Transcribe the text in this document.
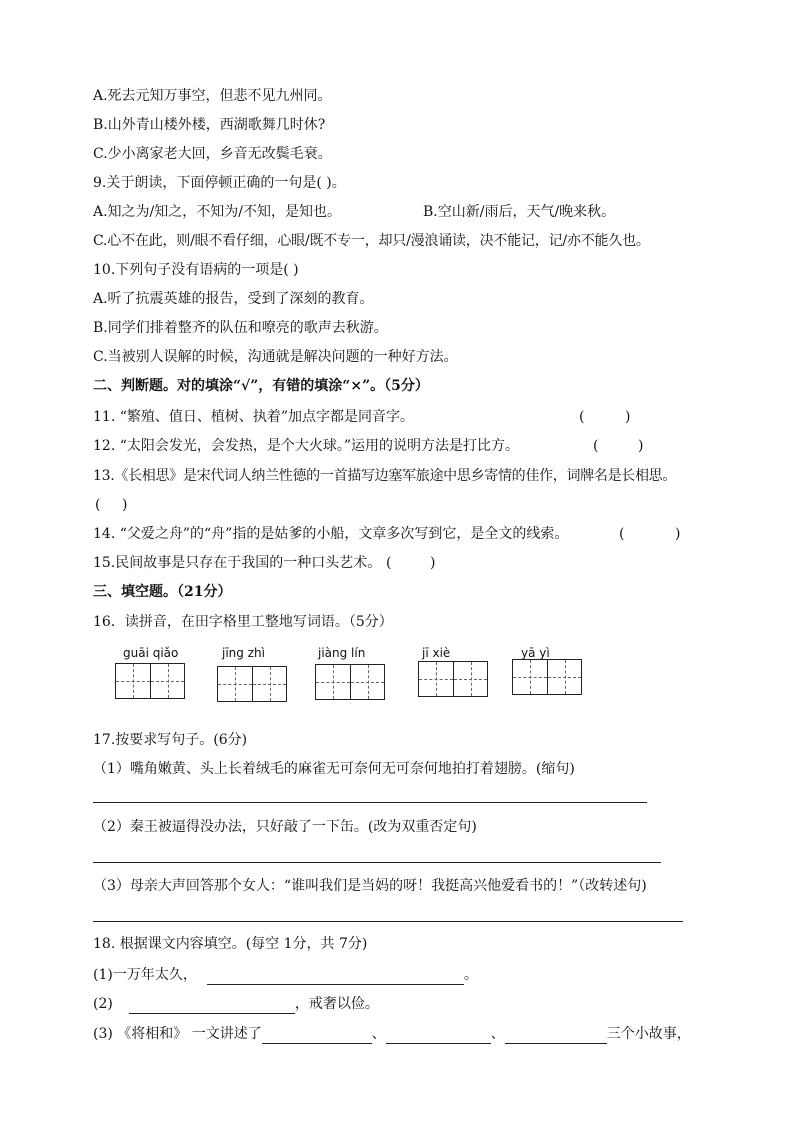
A.死去元知万事空，但悲不见九州同。
B.山外青山楼外楼，西湖歌舞几时休?
C.少小离家老大回，乡音无改鬓毛衰。
9.关于朗读，下面停顿正确的一句是( )。
A.知之为/知之，不知为/不知，是知也。	B.空山新/雨后，天气/晚来秋。
C.心不在此，则/眼不看仔细，心眼/既不专一，却只/漫浪诵读，决不能记，记/亦不能久也。
10.下列句子没有语病的一项是( )
A.听了抗震英雄的报告，受到了深刻的教育。
B.同学们排着整齐的队伍和嘹亮的歌声去秋游。
C.当被别人误解的时候，沟通就是解决问题的一种好方法。
二、判断题。对的填涂“√”，有错的填涂“×”。（5分）
11. “繁殖、值日、植树、执着”加点字都是同音字。	(	)
12. “太阳会发光，会发热，是个大火球。”运用的说明方法是打比方。	(	)
13.《长相思》是宋代词人纳兰性德的一首描写边塞军旅途中思乡寄情的佳作，词牌名是长相思。
( )
14. “父爱之舟”的“舟”指的是姑爹的小船，文章多次写到它，是全文的线索。	(	)
15.民间故事是只存在于我国的一种口头艺术。 (	)
三、填空题。（21分）
16．读拼音，在田字格里工整地写词语。（5分）
guāi qiǎo	jīng zhì	jiàng lín	jī xiè	yā yì
17.按要求写句子。(6分)
（1）嘴角嫩黄、头上长着绒毛的麻雀无可奈何无可奈何地拍打着翅膀。(缩句)
（2）秦王被逼得没办法，只好敲了一下缶。(改为双重否定句)
（3）母亲大声回答那个女人：“谁叫我们是当妈的呀！我挺高兴他爱看书的！”（改转述句)
18. 根据课文内容填空。(每空 1分，共 7分)
(1)一万年太久，	。
(2)	，戒奢以俭。
(3) 《将相和》 一文讲述了	、	、	三个小故事，
